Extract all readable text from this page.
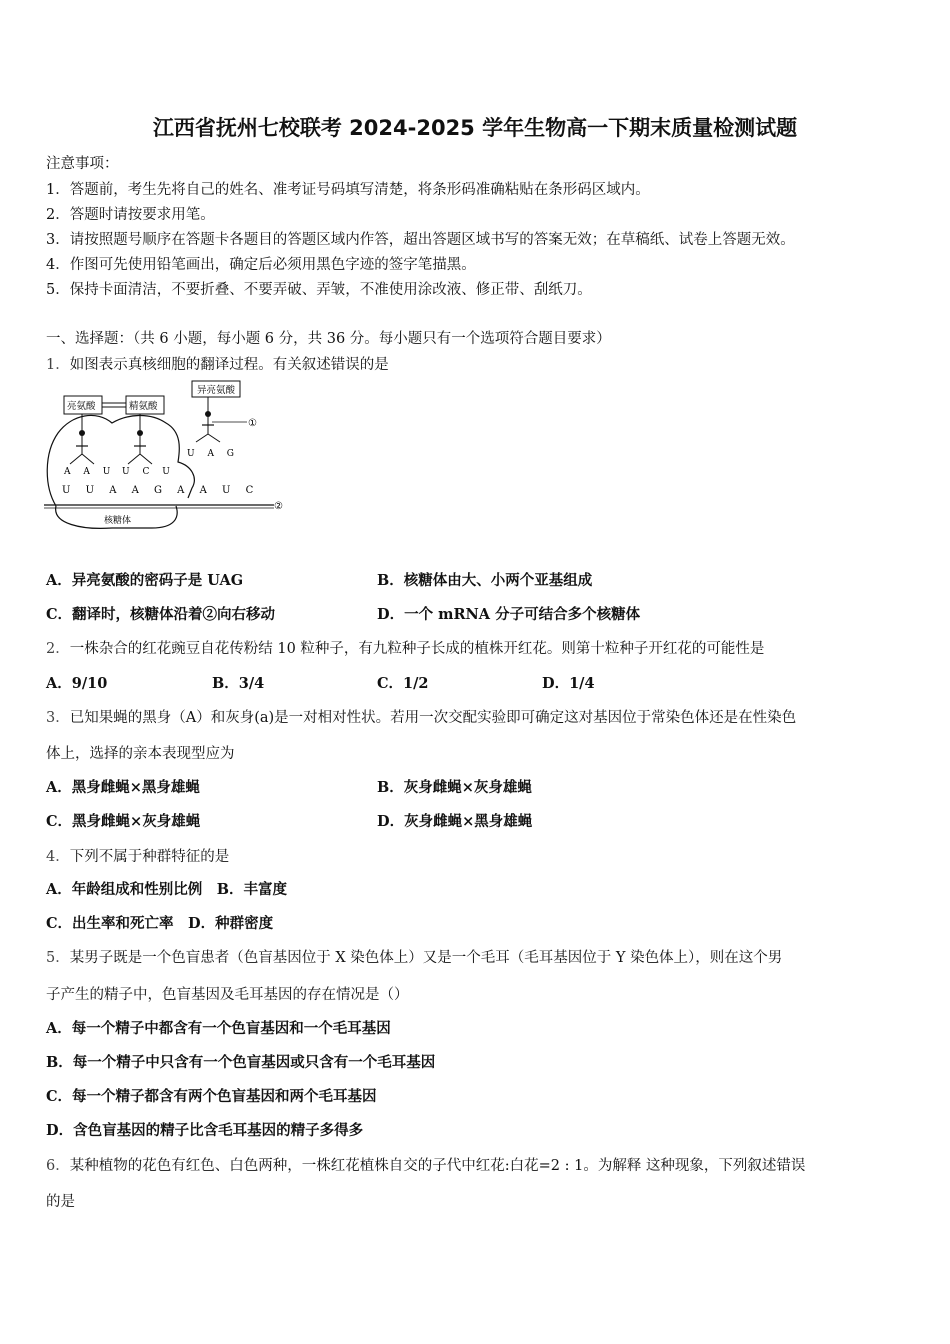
江西省抚州七校联考 2024-2025 学年生物高一下期末质量检测试题
注意事项：
1．答题前，考生先将自己的姓名、准考证号码填写清楚，将条形码准确粘贴在条形码区域内。
2．答题时请按要求用笔。
3．请按照题号顺序在答题卡各题目的答题区域内作答，超出答题区域书写的答案无效；在草稿纸、试卷上答题无效。
4．作图可先使用铅笔画出，确定后必须用黑色字迹的签字笔描黑。
5．保持卡面清洁，不要折叠、不要弄破、弄皱，不准使用涂改液、修正带、刮纸刀。
一、选择题：（共 6 小题，每小题 6 分，共 36 分。每小题只有一个选项符合题目要求）
1．如图表示真核细胞的翻译过程。有关叙述错误的是
U U A A G A A U C
核糖体
②
亮氨酸	精氨酸
异亮氨酸
A A U U C U
①
U A G
A．异亮氨酸的密码子是 UAG	B．核糖体由大、小两个亚基组成
C．翻译时，核糖体沿着②向右移动	D．一个 mRNA 分子可结合多个核糖体
2．一株杂合的红花豌豆自花传粉结 10 粒种子，有九粒种子长成的植株开红花。则第十粒种子开红花的可能性是
A．9/10	B．3/4	C．1/2	D．1/4
3．已知果蝇的黑身（A）和灰身(a)是一对相对性状。若用一次交配实验即可确定这对基因位于常染色体还是在性染色
体上，选择的亲本表现型应为
A．黑身雌蝇×黑身雄蝇	B．灰身雌蝇×灰身雄蝇
C．黑身雌蝇×灰身雄蝇	D．灰身雌蝇×黑身雄蝇
4．下列不属于种群特征的是
A．年龄组成和性别比例　B．丰富度
C．出生率和死亡率　D．种群密度
5．某男子既是一个色盲患者（色盲基因位于 X 染色体上）又是一个毛耳（毛耳基因位于 Y 染色体上），则在这个男
子产生的精子中，色盲基因及毛耳基因的存在情况是（）
A．每一个精子中都含有一个色盲基因和一个毛耳基因
B．每一个精子中只含有一个色盲基因或只含有一个毛耳基因
C．每一个精子都含有两个色盲基因和两个毛耳基因
D．含色盲基因的精子比含毛耳基因的精子多得多
6．某种植物的花色有红色、白色两种，一株红花植株自交的子代中红花:白花=2 : 1。为解释 这种现象，下列叙述错误
的是
